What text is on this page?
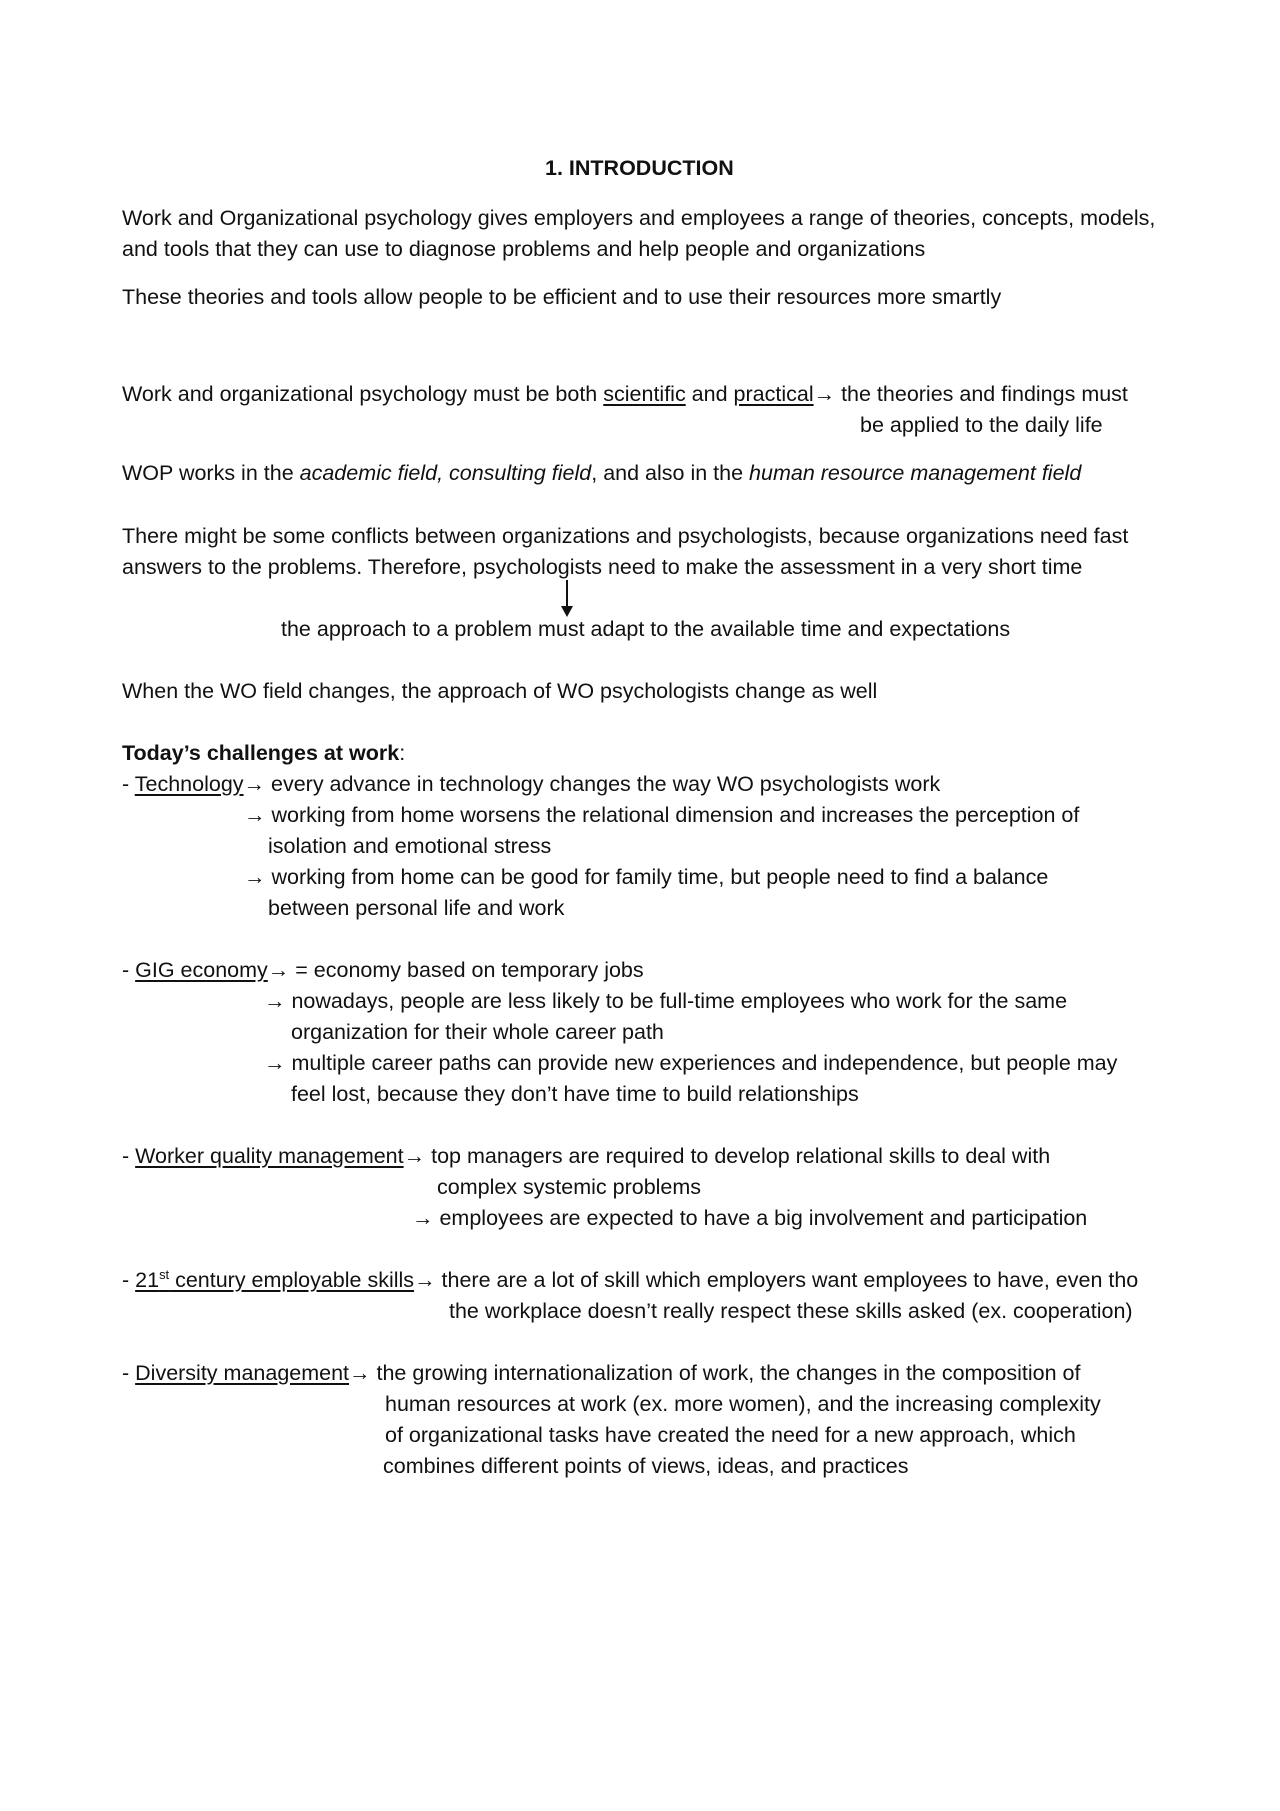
1. INTRODUCTION
Work and Organizational psychology gives employers and employees a range of theories, concepts, models,
and tools that they can use to diagnose problems and help people and organizations
These theories and tools allow people to be efficient and to use their resources more smartly
Work and organizational psychology must be both scientific and practical→ the theories and findings must
be applied to the daily life
WOP works in the academic field, consulting field, and also in the human resource management field
There might be some conflicts between organizations and psychologists, because organizations need fast
answers to the problems. Therefore, psychologists need to make the assessment in a very short time
the approach to a problem must adapt to the available time and expectations
When the WO field changes, the approach of WO psychologists change as well
Today’s challenges at work:
- Technology→ every advance in technology changes the way WO psychologists work
→ working from home worsens the relational dimension and increases the perception of
isolation and emotional stress
→ working from home can be good for family time, but people need to find a balance
between personal life and work
- GIG economy→ = economy based on temporary jobs
→ nowadays, people are less likely to be full-time employees who work for the same
organization for their whole career path
→ multiple career paths can provide new experiences and independence, but people may
feel lost, because they don’t have time to build relationships
- Worker quality management→ top managers are required to develop relational skills to deal with
complex systemic problems
→ employees are expected to have a big involvement and participation
- 21st century employable skills→ there are a lot of skill which employers want employees to have, even tho
the workplace doesn’t really respect these skills asked (ex. cooperation)
- Diversity management→ the growing internationalization of work, the changes in the composition of
human resources at work (ex. more women), and the increasing complexity
of organizational tasks have created the need for a new approach, which
combines different points of views, ideas, and practices
